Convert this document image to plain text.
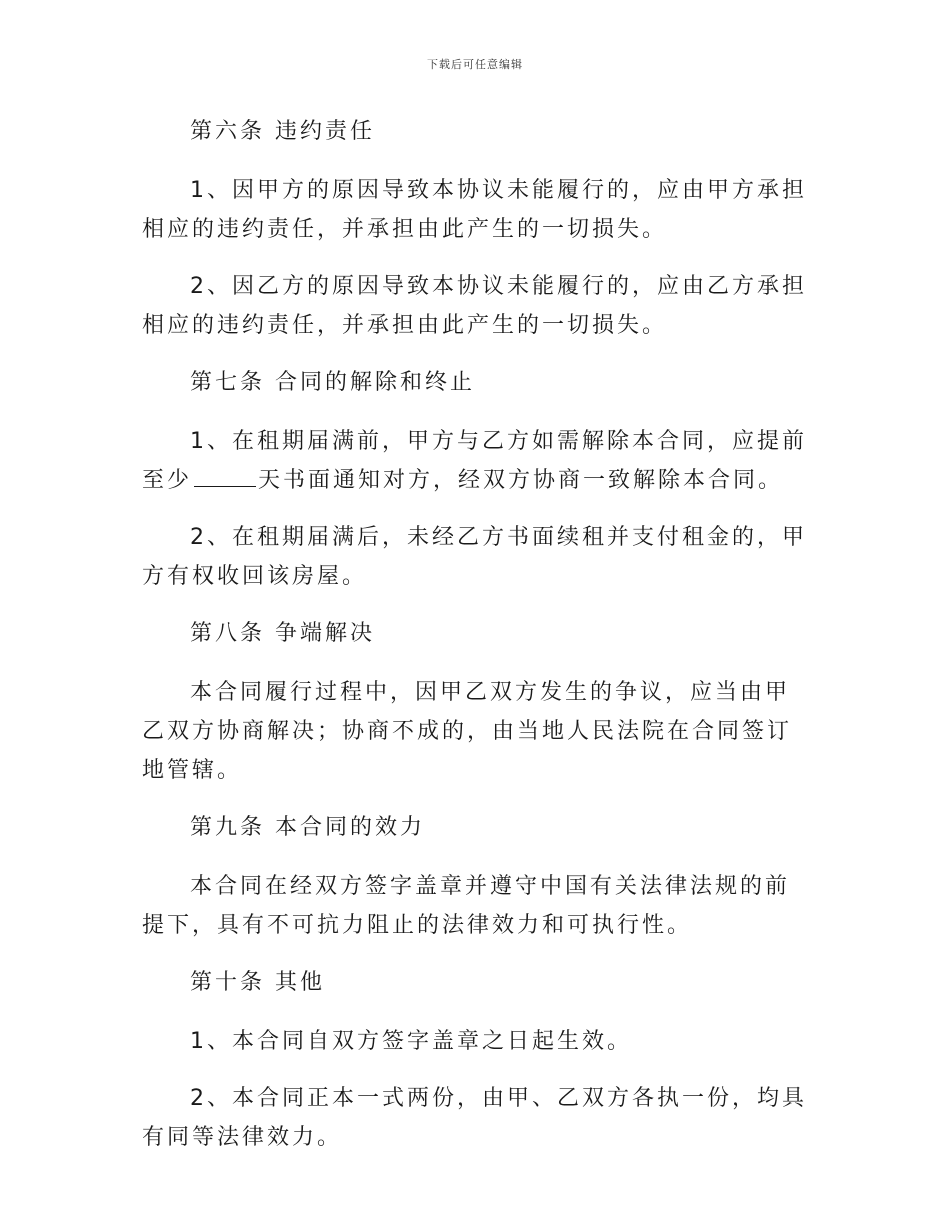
下载后可任意编辑

第六条 违约责任

1、因甲方的原因导致本协议未能履行的，应由甲方承担相应的违约责任，并承担由此产生的一切损失。

2、因乙方的原因导致本协议未能履行的，应由乙方承担相应的违约责任，并承担由此产生的一切损失。

第七条 合同的解除和终止

1、在租期届满前，甲方与乙方如需解除本合同，应提前至少	天书面通知对方，经双方协商一致解除本合同。

2、在租期届满后，未经乙方书面续租并支付租金的，甲方有权收回该房屋。

第八条 争端解决

本合同履行过程中，因甲乙双方发生的争议，应当由甲乙双方协商解决；协商不成的，由当地人民法院在合同签订地管辖。

第九条 本合同的效力

本合同在经双方签字盖章并遵守中国有关法律法规的前提下，具有不可抗力阻止的法律效力和可执行性。

第十条 其他

1、本合同自双方签字盖章之日起生效。

2、本合同正本一式两份，由甲、乙双方各执一份，均具有同等法律效力。
